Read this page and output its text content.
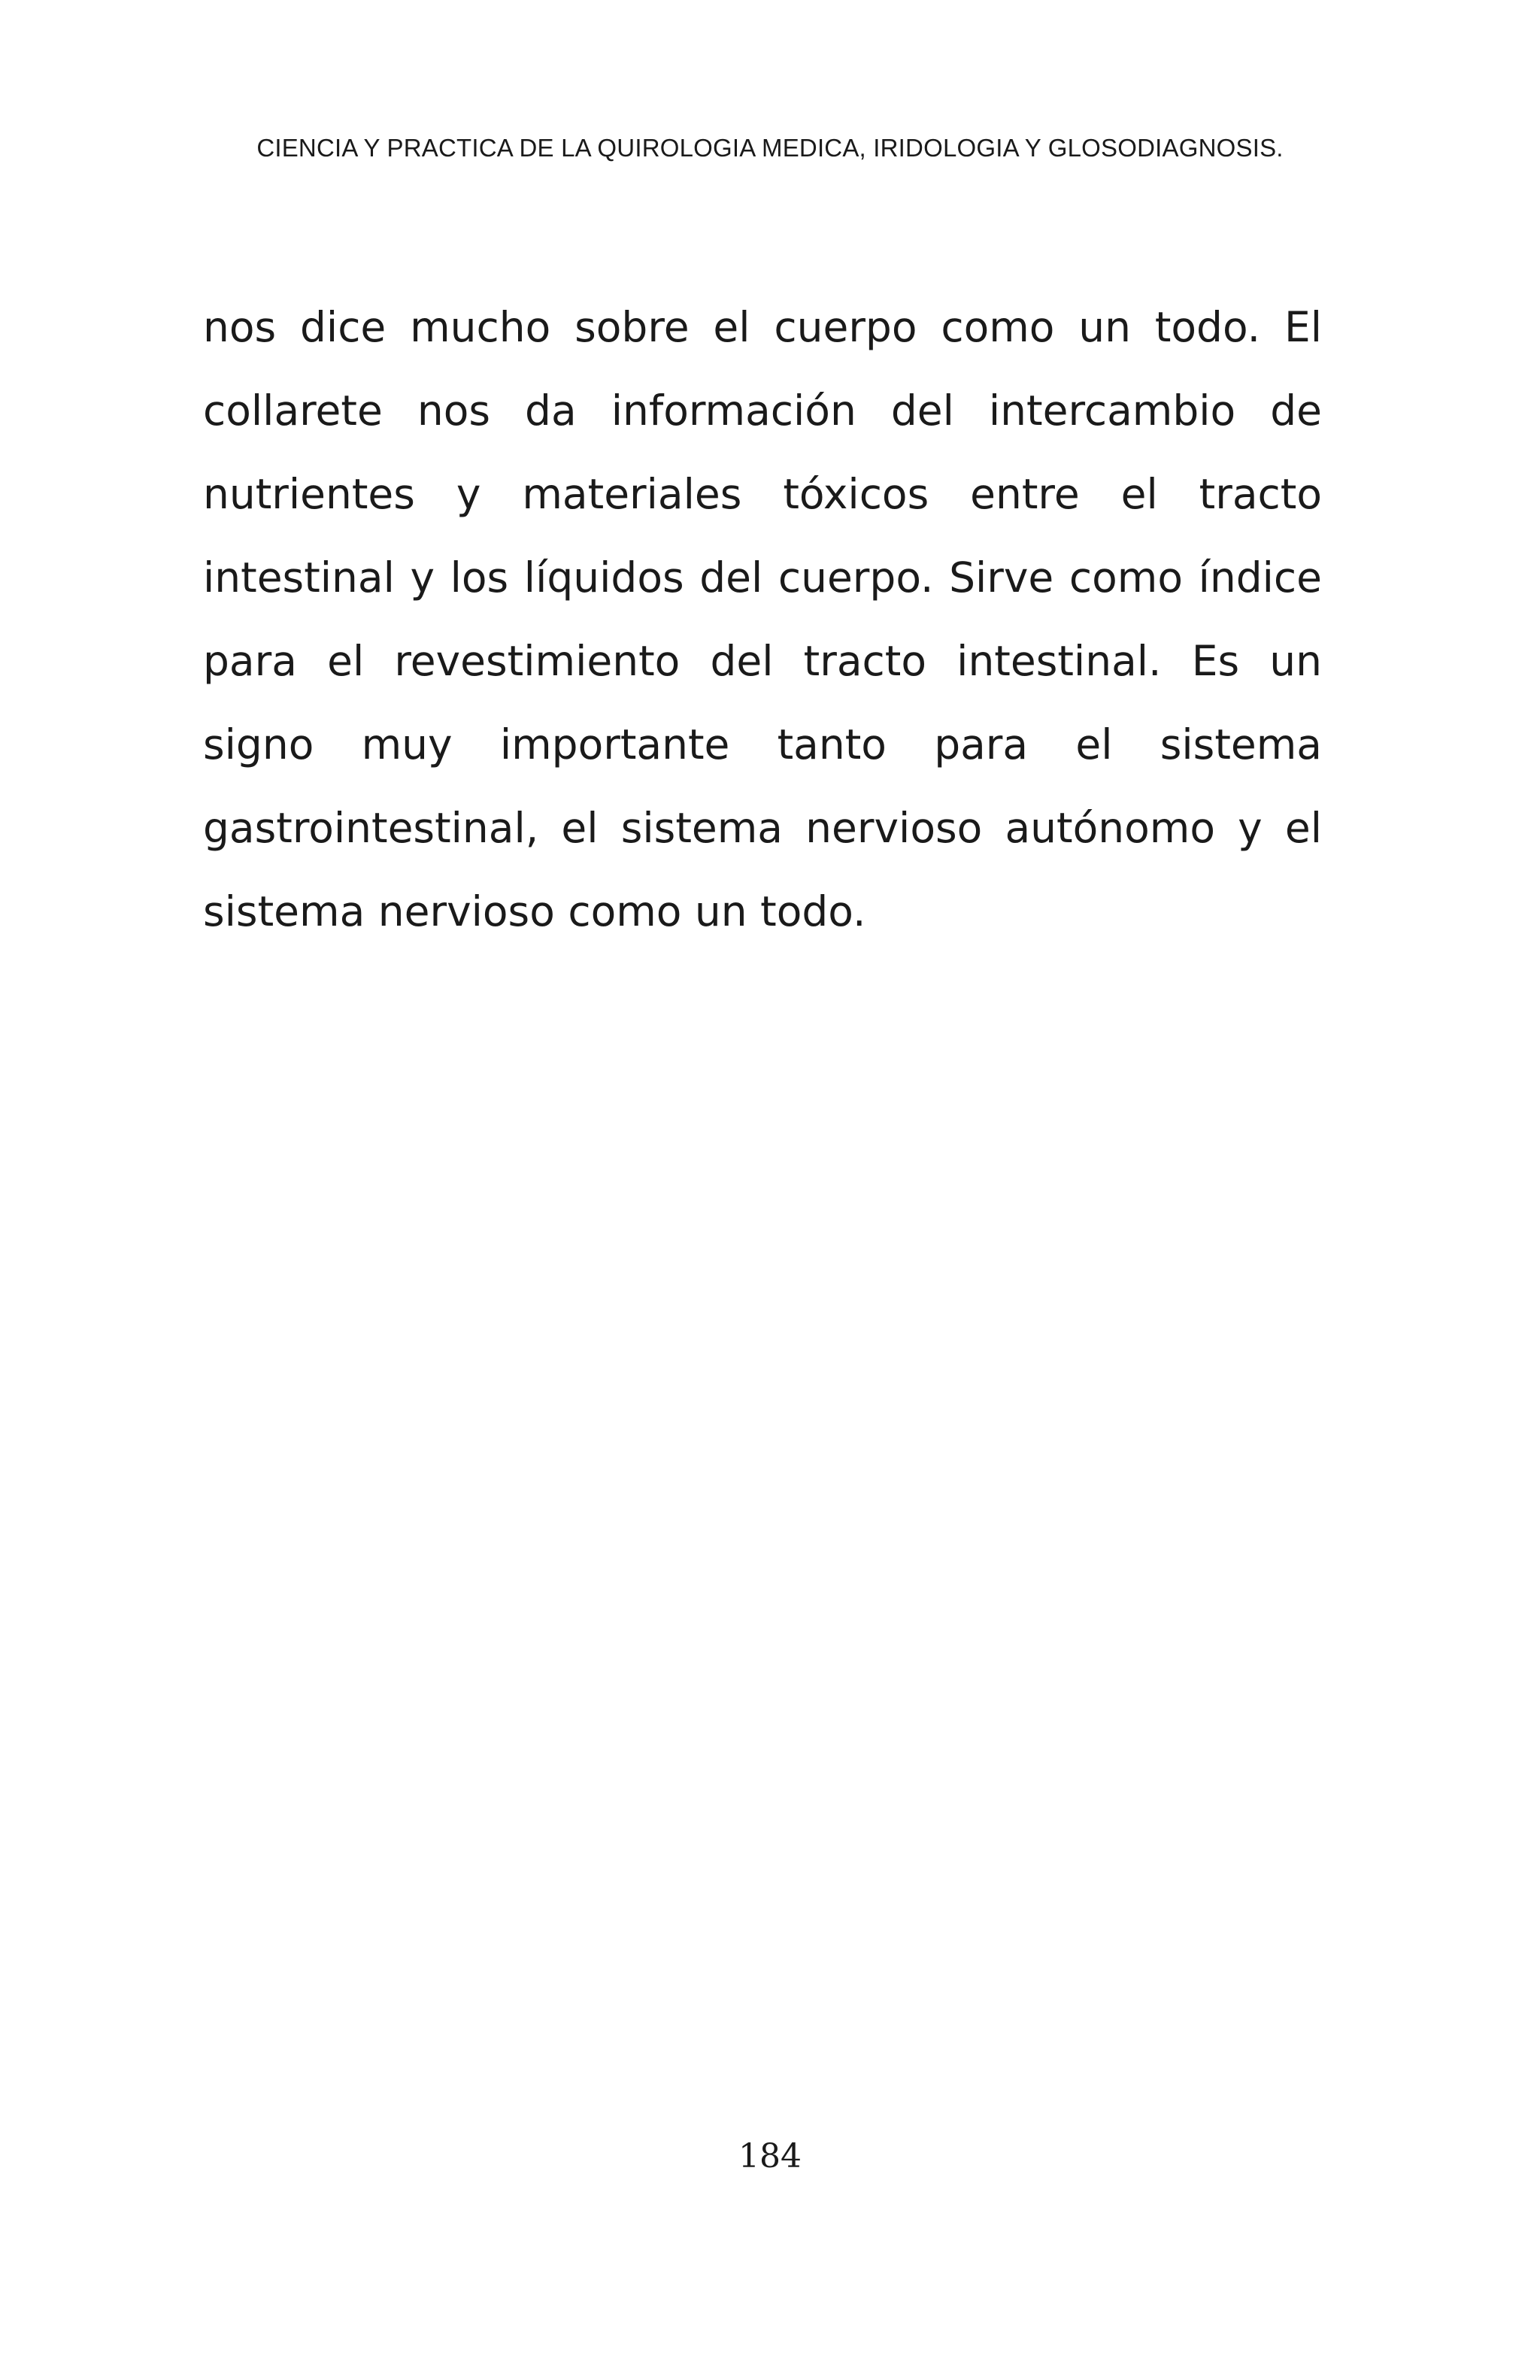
CIENCIA Y PRACTICA DE LA QUIROLOGIA MEDICA, IRIDOLOGIA Y GLOSODIAGNOSIS.

nos dice mucho sobre el cuerpo como un todo. El collarete nos da información del intercambio de nutrientes y materiales tóxicos entre el tracto intestinal y los líquidos del cuerpo. Sirve como índice para el revestimiento del tracto intestinal. Es un signo muy importante tanto para el sistema gastrointestinal, el sistema nervioso autónomo y el sistema nervioso como un todo.

184
